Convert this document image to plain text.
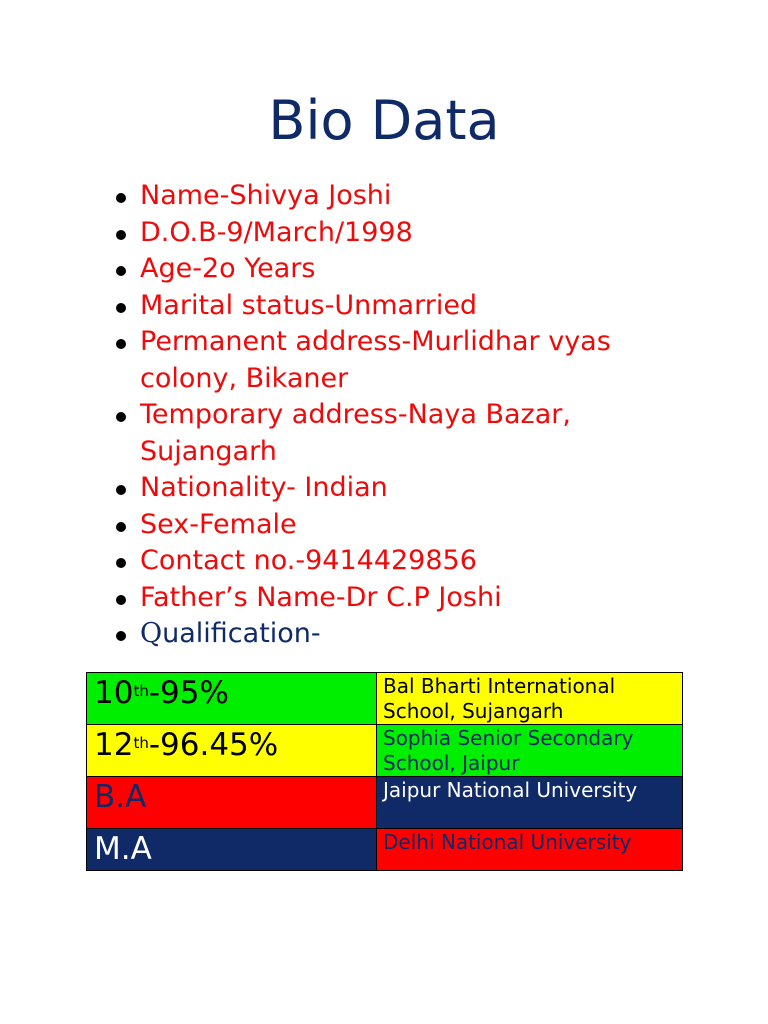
Bio Data
Name-Shivya Joshi
D.O.B-9/March/1998
Age-2o Years
Marital status-Unmarried
Permanent address-Murlidhar vyas colony, Bikaner
Temporary address-Naya Bazar, Sujangarh
Nationality- Indian
Sex-Female
Contact no.-9414429856
Father’s Name-Dr C.P Joshi
Qualification-
10th-95%	Bal Bharti International School, Sujangarh
12th-96.45%	Sophia Senior Secondary School, Jaipur
B.A	Jaipur National University
M.A	Delhi National University
